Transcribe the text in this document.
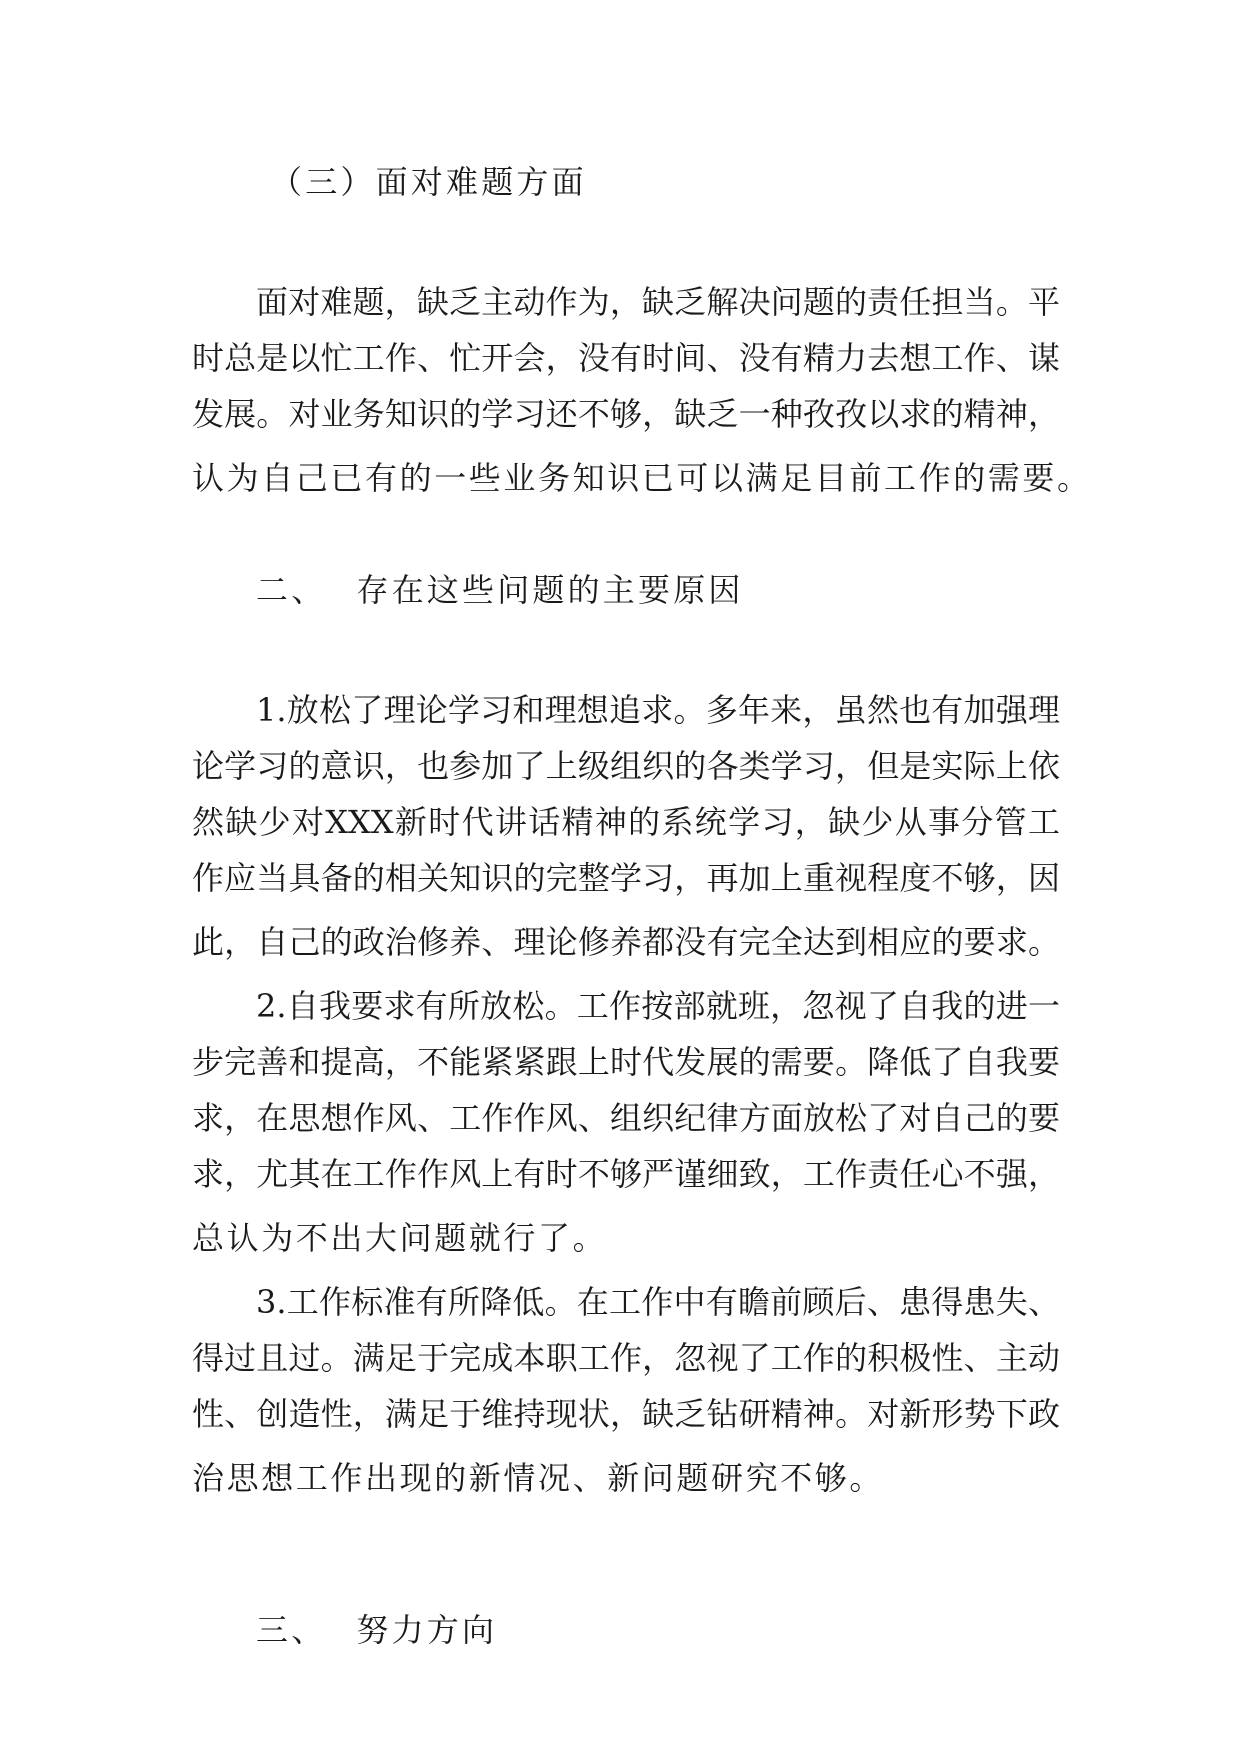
（三）面对难题方面
面对难题，缺乏主动作为，缺乏解决问题的责任担当。平
时总是以忙工作、忙开会，没有时间、没有精力去想工作、谋
发展。对业务知识的学习还不够，缺乏一种孜孜以求的精神，
认为自己已有的一些业务知识已可以满足目前工作的需要。
二、 存在这些问题的主要原因
1.放松了理论学习和理想追求。多年来，虽然也有加强理
论学习的意识，也参加了上级组织的各类学习，但是实际上依
然缺少对XXX新时代讲话精神的系统学习，缺少从事分管工
作应当具备的相关知识的完整学习，再加上重视程度不够，因
此，自己的政治修养、理论修养都没有完全达到相应的要求。
2.自我要求有所放松。工作按部就班，忽视了自我的进一
步完善和提高，不能紧紧跟上时代发展的需要。降低了自我要
求，在思想作风、工作作风、组织纪律方面放松了对自己的要
求，尤其在工作作风上有时不够严谨细致，工作责任心不强，
总认为不出大问题就行了。
3.工作标准有所降低。在工作中有瞻前顾后、患得患失、
得过且过。满足于完成本职工作，忽视了工作的积极性、主动
性、创造性，满足于维持现状，缺乏钻研精神。对新形势下政
治思想工作出现的新情况、新问题研究不够。
三、 努力方向
